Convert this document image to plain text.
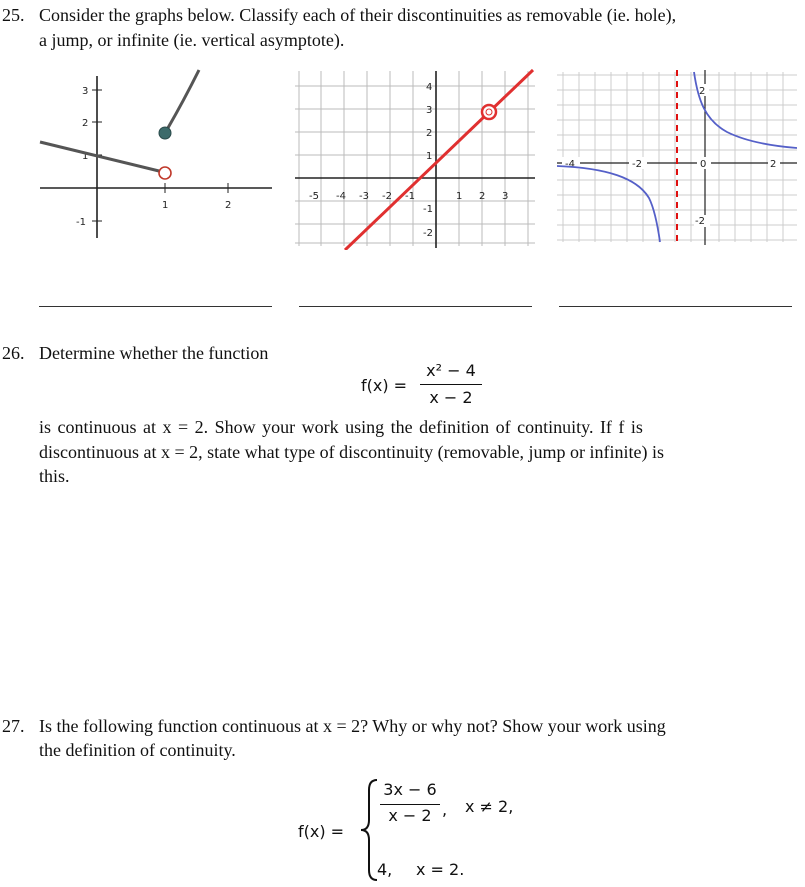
25. Consider the graphs below. Classify each of their discontinuities as removable (ie. hole),
a jump, or infinite (ie. vertical asymptote).
3
2
1
-1
1	2
-5 -4 -3 -2 -1	1 2 3
4
3
2
1
-1
-2
-4	-2	0	2
2
-2
26. Determine whether the function
f(x) =
x² − 4
x − 2
is continuous at x = 2. Show your work using the definition of continuity. If f is
discontinuous at x = 2, state what type of discontinuity (removable, jump or infinite) is
this.
27. Is the following function continuous at x = 2? Why or why not? Show your work using
the definition of continuity.
f(x) =
3x − 6
x − 2 , x ≠ 2,
4, x = 2.
